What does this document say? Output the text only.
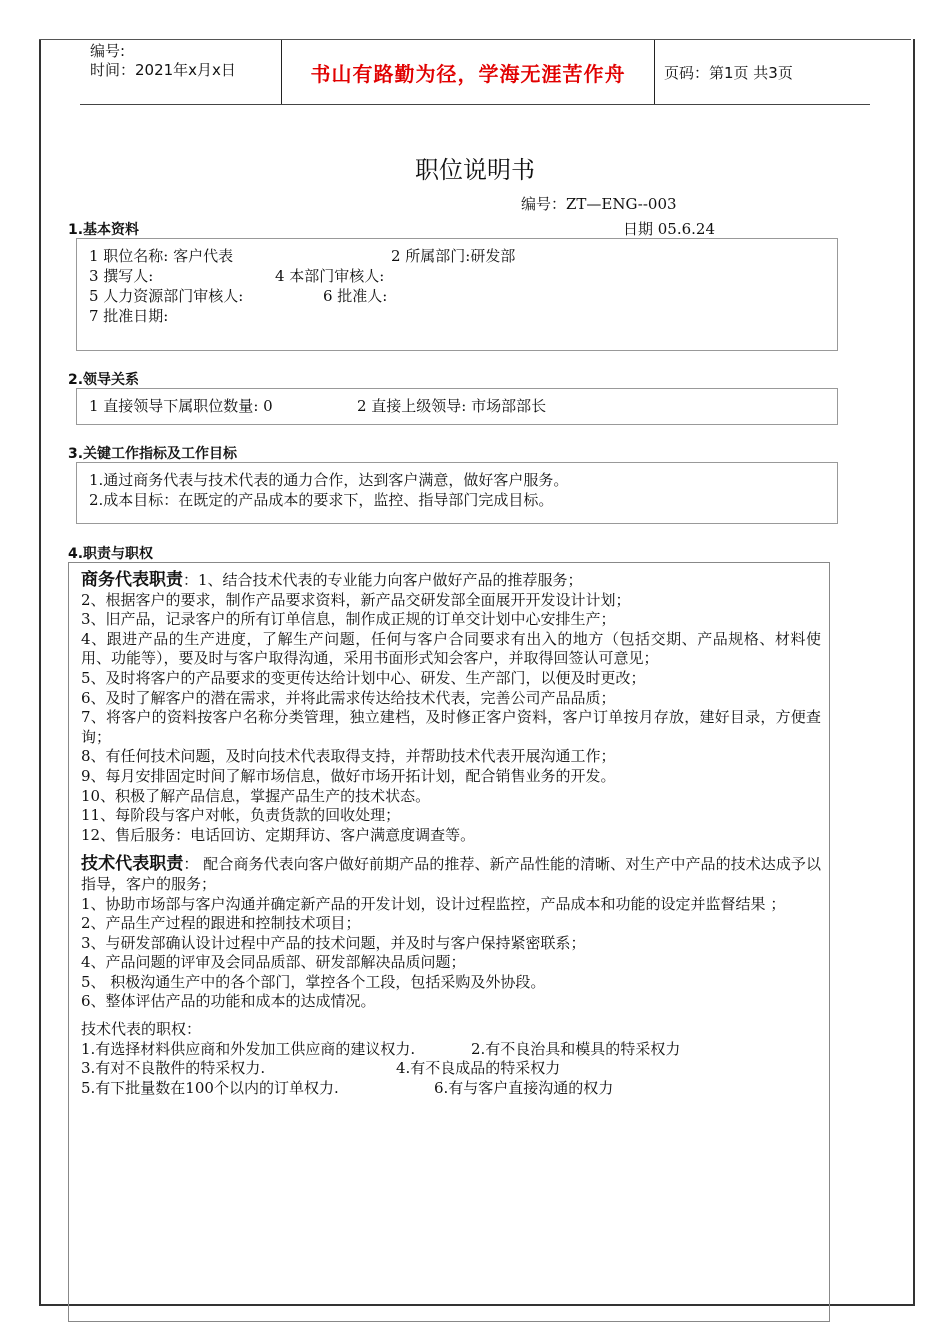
编号:
时间：2021年x月x日	书山有路勤为径，学海无涯苦作舟	页码：第1页 共3页
职位说明书
编号：ZT—ENG--003
日期 05.6.24
1.基本资料
1 职位名称: 客户代表	2 所属部门:研发部
3 撰写人:	4 本部门审核人:
5 人力资源部门审核人:	6 批准人:
7 批准日期:
2.领导关系
1 直接领导下属职位数量: 0	2 直接上级领导: 市场部部长
3.关键工作指标及工作目标
1.通过商务代表与技术代表的通力合作，达到客户满意，做好客户服务。
2.成本目标：在既定的产品成本的要求下，监控、指导部门完成目标。
4.职责与职权
商务代表职责：1、结合技术代表的专业能力向客户做好产品的推荐服务；
2、根据客户的要求，制作产品要求资料，新产品交研发部全面展开开发设计计划；
3、旧产品，记录客户的所有订单信息，制作成正规的订单交计划中心安排生产；
4、跟进产品的生产进度，了解生产问题，任何与客户合同要求有出入的地方（包括交期、产品规格、材料使用、功能等），要及时与客户取得沟通，采用书面形式知会客户，并取得回签认可意见；
5、及时将客户的产品要求的变更传达给计划中心、研发、生产部门，以便及时更改；
6、及时了解客户的潜在需求，并将此需求传达给技术代表，完善公司产品品质；
7、将客户的资料按客户名称分类管理，独立建档，及时修正客户资料，客户订单按月存放，建好目录，方便查询；
8、有任何技术问题，及时向技术代表取得支持，并帮助技术代表开展沟通工作；
9、每月安排固定时间了解市场信息，做好市场开拓计划，配合销售业务的开发。
10、积极了解产品信息，掌握产品生产的技术状态。
11、每阶段与客户对帐，负责货款的回收处理；
12、售后服务：电话回访、定期拜访、客户满意度调查等。
技术代表职责： 配合商务代表向客户做好前期产品的推荐、新产品性能的清晰、对生产中产品的技术达成予以指导，客户的服务；
1、协助市场部与客户沟通并确定新产品的开发计划，设计过程监控，产品成本和功能的设定并监督结果 ；
2、产品生产过程的跟进和控制技术项目；
3、与研发部确认设计过程中产品的技术问题，并及时与客户保持紧密联系；
4、产品问题的评审及会同品质部、研发部解决品质问题；
5、 积极沟通生产中的各个部门，掌控各个工段，包括采购及外协段。
6、整体评估产品的功能和成本的达成情况。
技术代表的职权：
1.有选择材料供应商和外发加工供应商的建议权力.	2.有不良治具和模具的特采权力
3.有对不良散件的特采权力.	4.有不良成品的特采权力
5.有下批量数在100个以内的订单权力.	6.有与客户直接沟通的权力
